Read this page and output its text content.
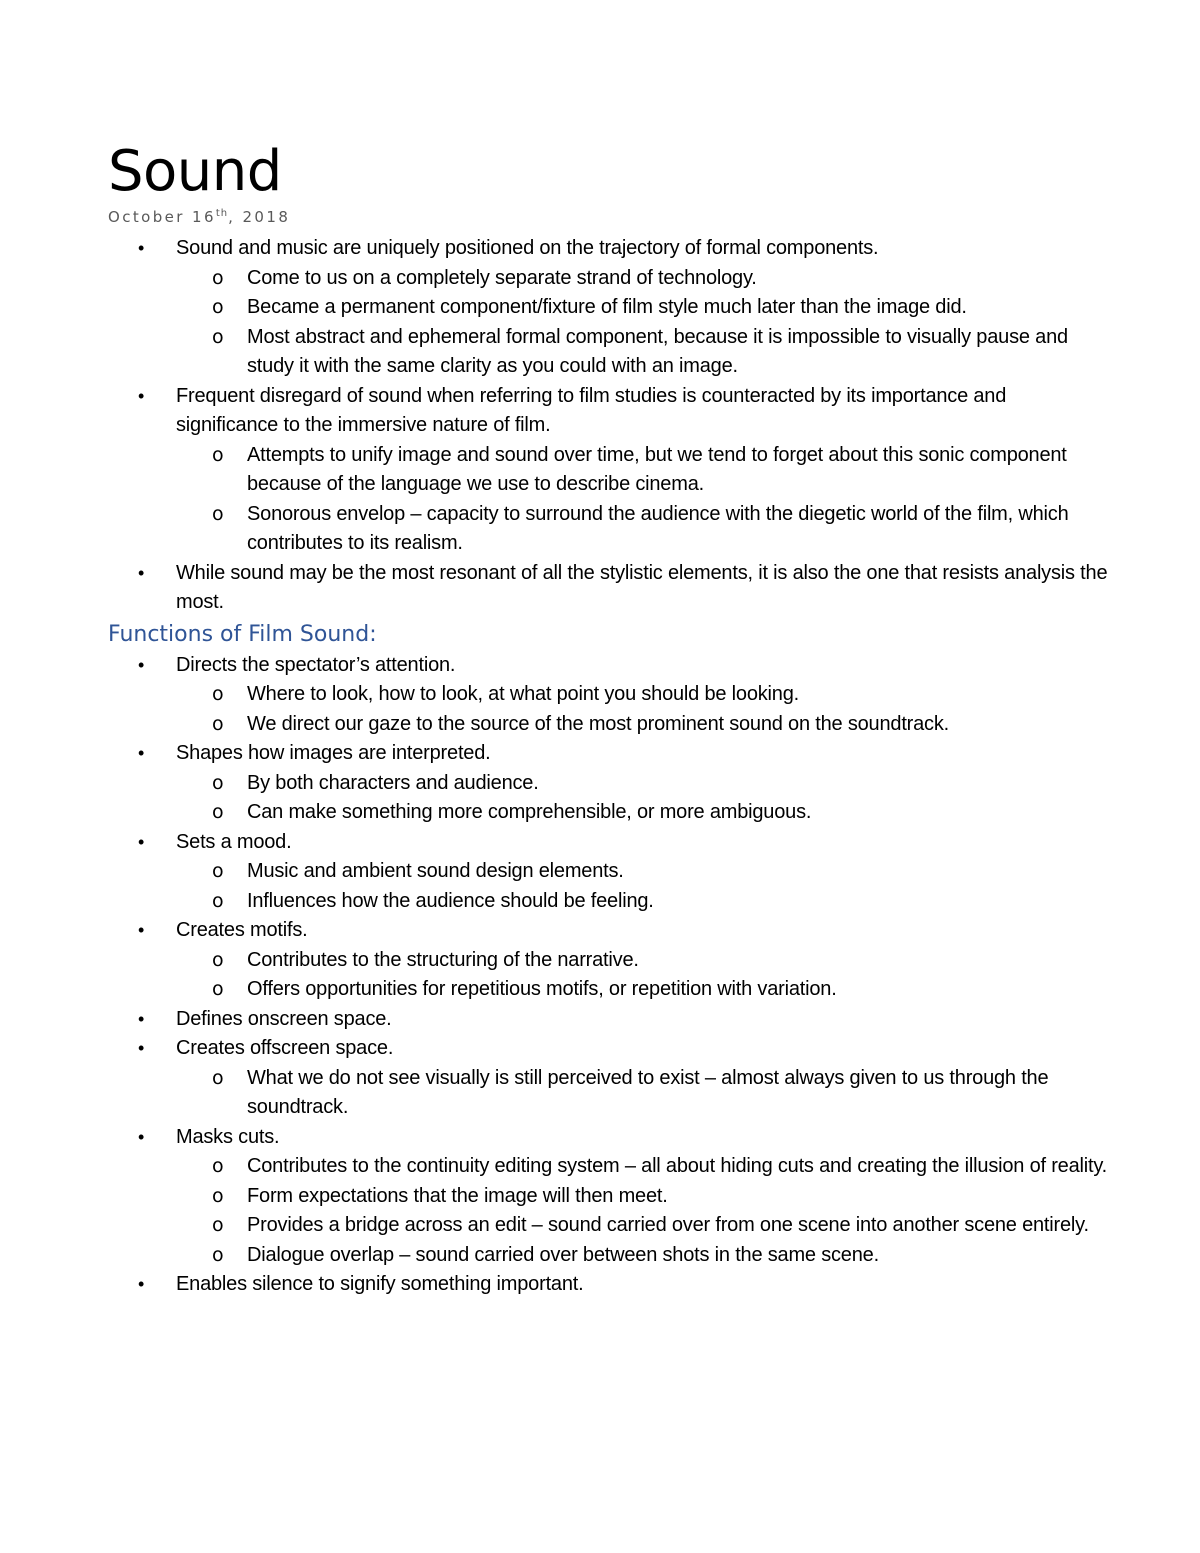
Sound
October 16th, 2018
• Sound and music are uniquely positioned on the trajectory of formal components.
o Come to us on a completely separate strand of technology.
o Became a permanent component/fixture of film style much later than the image did.
o Most abstract and ephemeral formal component, because it is impossible to visually pause and study it with the same clarity as you could with an image.
• Frequent disregard of sound when referring to film studies is counteracted by its importance and significance to the immersive nature of film.
o Attempts to unify image and sound over time, but we tend to forget about this sonic component because of the language we use to describe cinema.
o Sonorous envelop – capacity to surround the audience with the diegetic world of the film, which contributes to its realism.
• While sound may be the most resonant of all the stylistic elements, it is also the one that resists analysis the most.
Functions of Film Sound:
• Directs the spectator’s attention.
o Where to look, how to look, at what point you should be looking.
o We direct our gaze to the source of the most prominent sound on the soundtrack.
• Shapes how images are interpreted.
o By both characters and audience.
o Can make something more comprehensible, or more ambiguous.
• Sets a mood.
o Music and ambient sound design elements.
o Influences how the audience should be feeling.
• Creates motifs.
o Contributes to the structuring of the narrative.
o Offers opportunities for repetitious motifs, or repetition with variation.
• Defines onscreen space.
• Creates offscreen space.
o What we do not see visually is still perceived to exist – almost always given to us through the soundtrack.
• Masks cuts.
o Contributes to the continuity editing system – all about hiding cuts and creating the illusion of reality.
o Form expectations that the image will then meet.
o Provides a bridge across an edit – sound carried over from one scene into another scene entirely.
o Dialogue overlap – sound carried over between shots in the same scene.
• Enables silence to signify something important.
